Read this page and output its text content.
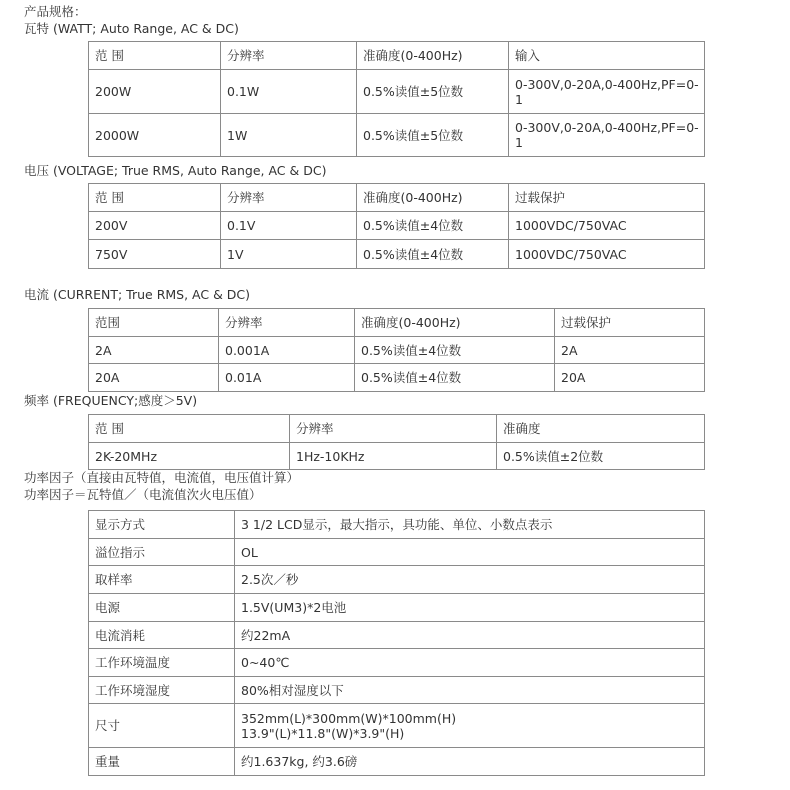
产品规格：
瓦特 (WATT; Auto Range, AC & DC)
范 围	分辨率	准确度(0-400Hz)	输入
200W	0.1W	0.5%读值±5位数	0-300V,0-20A,0-400Hz,PF=0-1
2000W	1W	0.5%读值±5位数	0-300V,0-20A,0-400Hz,PF=0-1
电压 (VOLTAGE; True RMS, Auto Range, AC & DC)
范 围	分辨率	准确度(0-400Hz)	过载保护
200V	0.1V	0.5%读值±4位数	1000VDC/750VAC
750V	1V	0.5%读值±4位数	1000VDC/750VAC
电流 (CURRENT; True RMS, AC & DC)
范围	分辨率	准确度(0-400Hz)	过载保护
2A	0.001A	0.5%读值±4位数	2A
20A	0.01A	0.5%读值±4位数	20A
频率 (FREQUENCY;感度＞5V)
范 围	分辨率	准确度
2K-20MHz	1Hz-10KHz	0.5%读值±2位数
功率因子（直接由瓦特值，电流值，电压值计算）
功率因子＝瓦特值／（电流值㳄火电压值）
显示方式	3 1/2 LCD显示，最大指示，具功能、单位、小数点表示
溢位指示	OL
取样率	2.5次／秒
电源	1.5V(UM3)*2电池
电流消耗	约22mA
工作环境温度	0~40℃
工作环境湿度	80%相对湿度以下
尺寸	352mm(L)*300mm(W)*100mm(H)
13.9"(L)*11.8"(W)*3.9"(H)

重量	约1.637kg, 约3.6磅
